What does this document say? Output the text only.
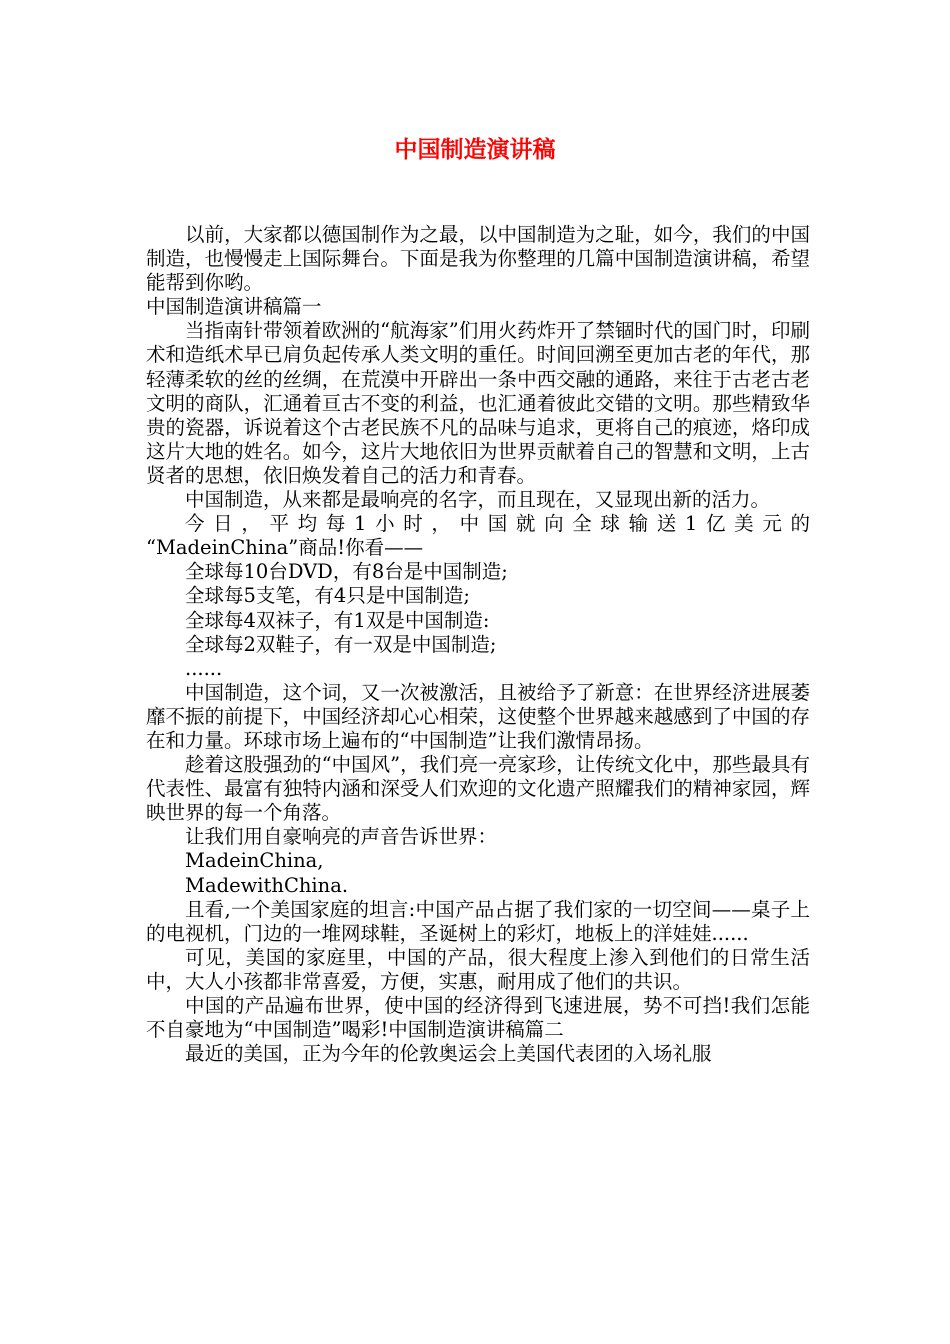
中国制造演讲稿

以前，大家都以德国制作为之最，以中国制造为之耻，如今，我们的中国制造，也慢慢走上国际舞台。下面是我为你整理的几篇中国制造演讲稿，希望能帮到你哟。

中国制造演讲稿篇一

当指南针带领着欧洲的“航海家”们用火药炸开了禁锢时代的国门时，印刷术和造纸术早已肩负起传承人类文明的重任。时间回溯至更加古老的年代，那轻薄柔软的丝的丝绸，在荒漠中开辟出一条中西交融的通路，来往于古老古老文明的商队，汇通着亘古不变的利益，也汇通着彼此交错的文明。那些精致华贵的瓷器，诉说着这个古老民族不凡的品味与追求，更将自己的痕迹，烙印成这片大地的姓名。如今，这片大地依旧为世界贡献着自己的智慧和文明，上古贤者的思想，依旧焕发着自己的活力和青春。

中国制造，从来都是最响亮的名字，而且现在，又显现出新的活力。

今日，平均每1小时，中国就向全球输送1亿美元的

“MadeinChina”商品!你看——

全球每10台DVD，有8台是中国制造;

全球每5支笔，有4只是中国制造;

全球每4双袜子，有1双是中国制造:

全球每2双鞋子，有一双是中国制造;

......

中国制造，这个词，又一次被激活，且被给予了新意：在世界经济进展萎靡不振的前提下，中国经济却心心相荣，这使整个世界越来越感到了中国的存在和力量。环球市场上遍布的“中国制造”让我们激情昂扬。

趁着这股强劲的“中国风”，我们亮一亮家珍，让传统文化中，那些最具有代表性、最富有独特内涵和深受人们欢迎的文化遗产照耀我们的精神家园，辉映世界的每一个角落。

让我们用自豪响亮的声音告诉世界：

MadeinChina,

MadewithChina.

且看,一个美国家庭的坦言:中国产品占据了我们家的一切空间——桌子上的电视机，门边的一堆网球鞋，圣诞树上的彩灯，地板上的洋娃娃......

可见，美国的家庭里，中国的产品，很大程度上渗入到他们的日常生活中，大人小孩都非常喜爱，方便，实惠，耐用成了他们的共识。

中国的产品遍布世界，使中国的经济得到飞速进展，势不可挡!我们怎能不自豪地为“中国制造”喝彩!中国制造演讲稿篇二

最近的美国，正为今年的伦敦奥运会上美国代表团的入场礼服
